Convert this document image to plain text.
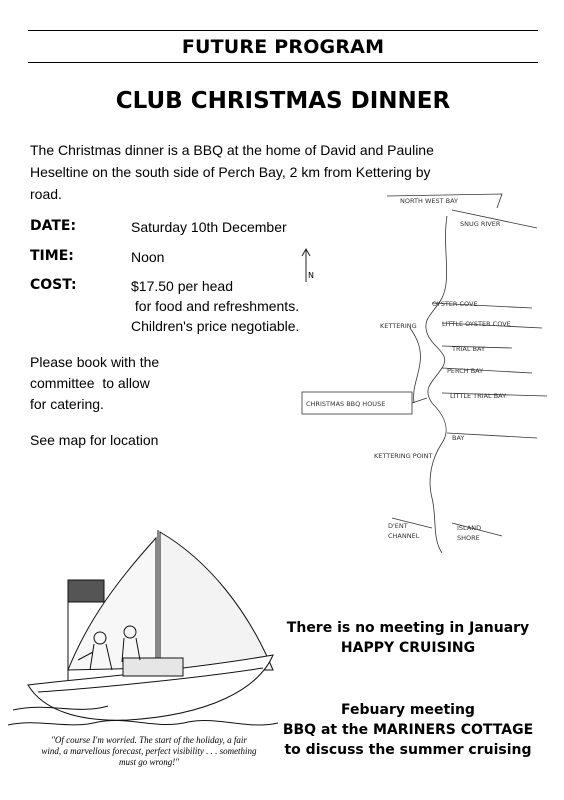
FUTURE PROGRAM
CLUB CHRISTMAS DINNER
The Christmas dinner is a BBQ at the home of David and Pauline
Heseltine on the south side of Perch Bay, 2 km from Kettering by
road.
DATE:	Saturday 10th December
TIME:	Noon
COST:	$17.50 per head
for food and refreshments.
Children's price negotiable.
Please book with the
committee  to allow
for catering.
See map for location
N
NORTH WEST BAY
SNUG RIVER
OYSTER COVE
KETTERING	LITTLE OYSTER COVE
TRIAL BAY
PERCH BAY
LITTLE TRIAL BAY
CHRISTMAS BBQ HOUSE
BAY
KETTERING POINT
D'ENT
CHANNEL
ISLAND
SHORE
"Of course I'm worried. The start of the holiday, a fair
wind, a marvellous forecast, perfect visibility . . . something
must go wrong!"
There is no meeting in January
HAPPY CRUISING
Febuary meeting
BBQ at the MARINERS COTTAGE
to discuss the summer cruising
